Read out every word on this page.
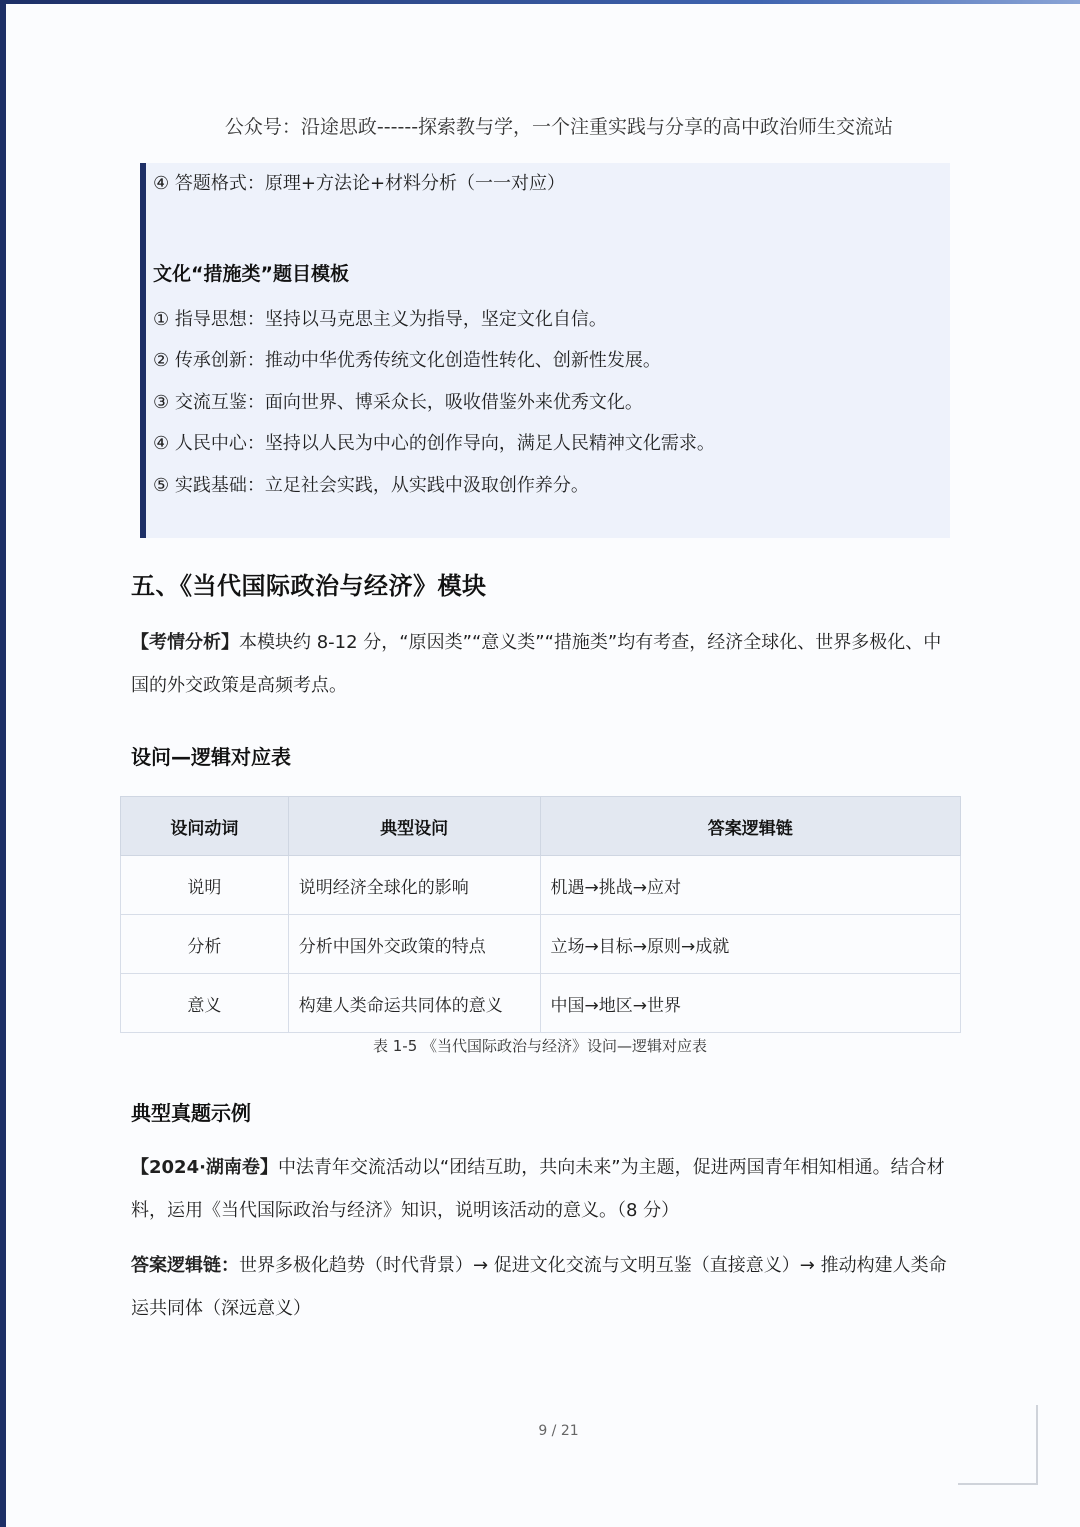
公众号：沿途思政------探索教与学，一个注重实践与分享的高中政治师生交流站
④ 答题格式：原理+方法论+材料分析（一一对应）
文化“措施类”题目模板
① 指导思想：坚持以马克思主义为指导，坚定文化自信。
② 传承创新：推动中华优秀传统文化创造性转化、创新性发展。
③ 交流互鉴：面向世界、博采众长，吸收借鉴外来优秀文化。
④ 人民中心：坚持以人民为中心的创作导向，满足人民精神文化需求。
⑤ 实践基础：立足社会实践，从实践中汲取创作养分。
五、《当代国际政治与经济》模块
【考情分析】本模块约 8-12 分，“原因类”“意义类”“措施类”均有考查，经济全球化、世界多极化、中国的外交政策是高频考点。
设问—逻辑对应表
设问动词	典型设问	答案逻辑链
说明	说明经济全球化的影响	机遇→挑战→应对
分析	分析中国外交政策的特点	立场→目标→原则→成就
意义	构建人类命运共同体的意义	中国→地区→世界
表 1-5 《当代国际政治与经济》设问—逻辑对应表
典型真题示例
【2024·湖南卷】中法青年交流活动以“团结互助，共向未来”为主题，促进两国青年相知相通。结合材料，运用《当代国际政治与经济》知识，说明该活动的意义。（8 分）
答案逻辑链：世界多极化趋势（时代背景）→ 促进文化交流与文明互鉴（直接意义）→ 推动构建人类命运共同体（深远意义）
9 / 21
